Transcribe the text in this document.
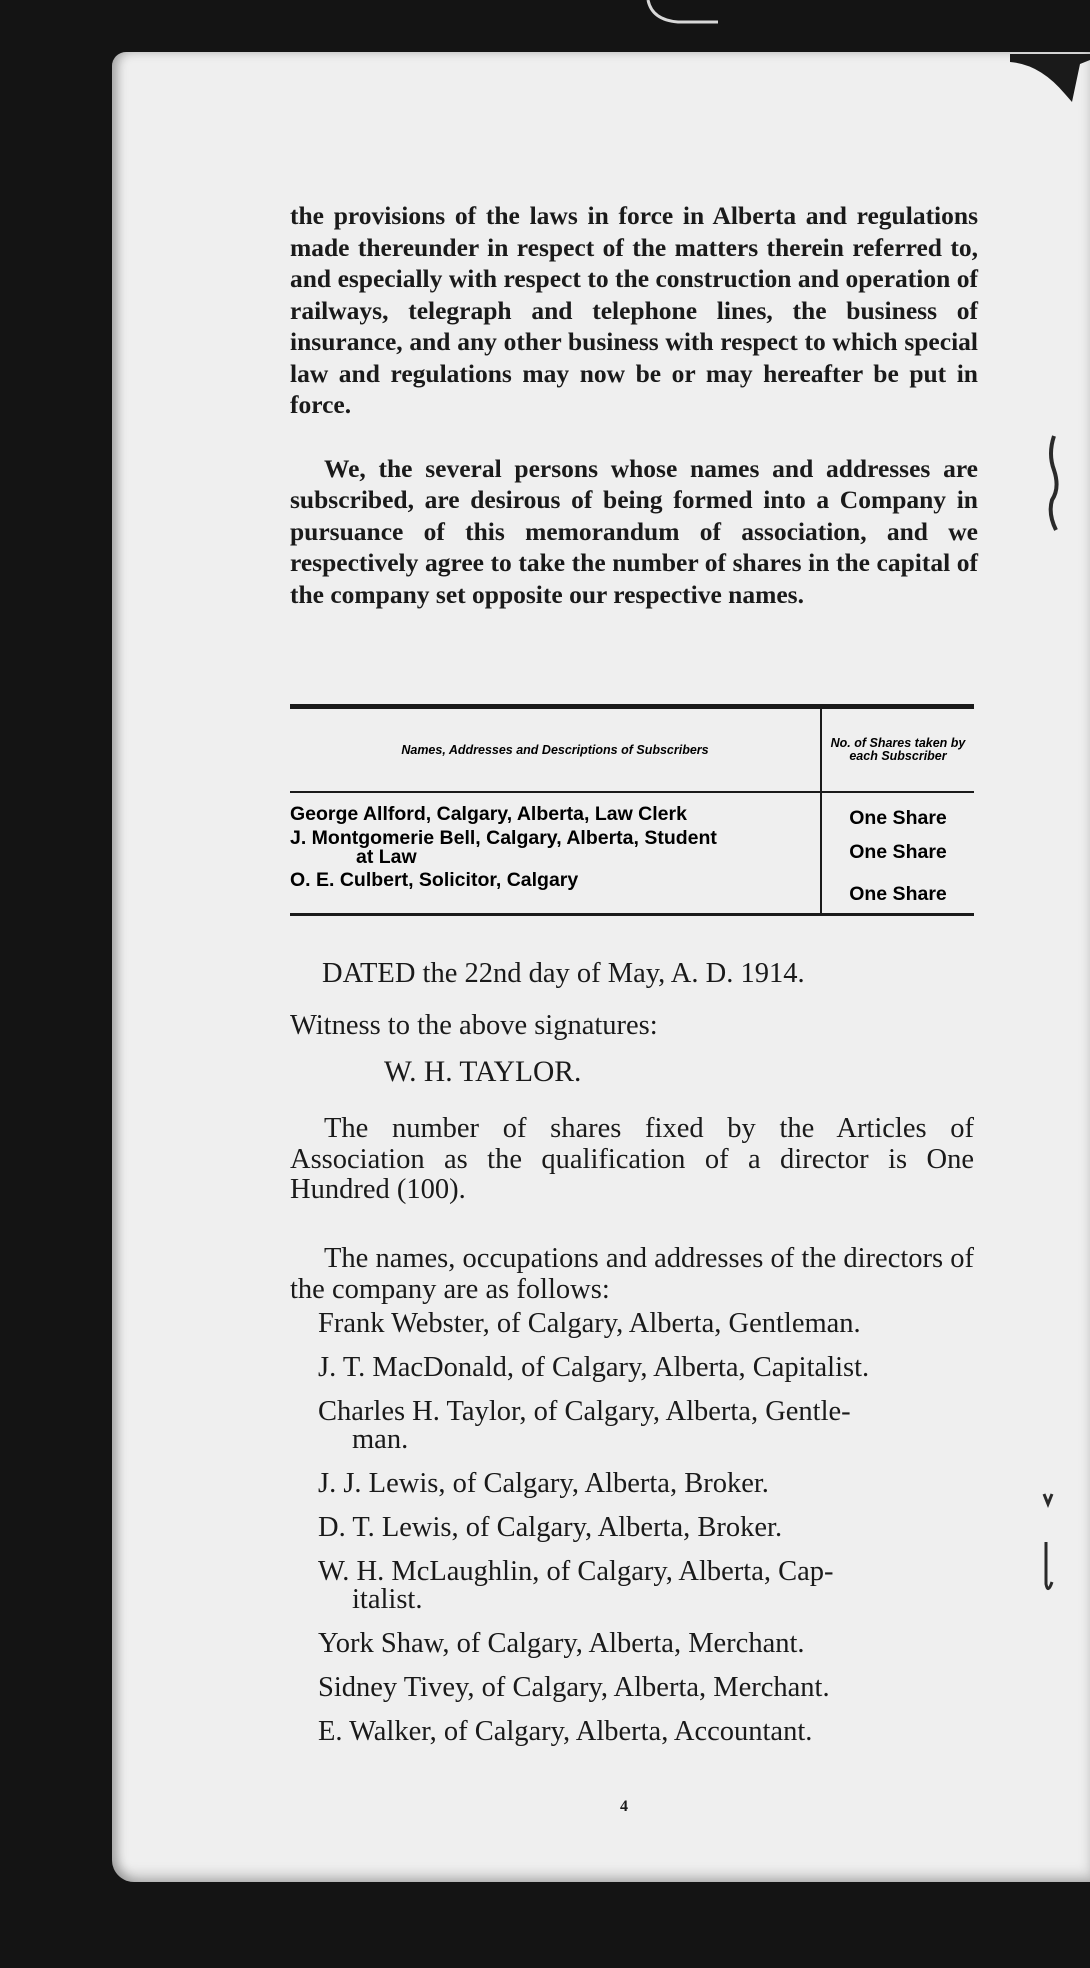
the provisions of the laws in force in Alberta and regulations made thereunder in respect of the matters therein referred to, and especially with respect to the construction and operation of railways, telegraph and telephone lines, the business of insurance, and any other business with respect to which special law and regulations may now be or may hereafter be put in force.

We, the several persons whose names and addresses are subscribed, are desirous of being formed into a Company in pursuance of this memorandum of association, and we respectively agree to take the number of shares in the capital of the company set opposite our respective names.

Names, Addresses and Descriptions of Subscribers
George Allford, Calgary, Alberta, Law Clerk
J. Montgomerie Bell, Calgary, Alberta, Student
at Law
O. E. Culbert, Solicitor, Calgary
No. of Shares taken by each Subscriber
One Share
One Share
One Share
DATED the 22nd day of May, A. D. 1914.
Witness to the above signatures:
W. H. TAYLOR.

The number of shares fixed by the Articles of Association as the qualification of a director is One Hundred (100).

The names, occupations and addresses of the directors of the company are as follows:

Frank Webster, of Calgary, Alberta, Gentleman.
J. T. MacDonald, of Calgary, Alberta, Capitalist.
Charles H. Taylor, of Calgary, Alberta, Gentle-
man.
J. J. Lewis, of Calgary, Alberta, Broker.
D. T. Lewis, of Calgary, Alberta, Broker.
W. H. McLaughlin, of Calgary, Alberta, Cap-
italist.
York Shaw, of Calgary, Alberta, Merchant.
Sidney Tivey, of Calgary, Alberta, Merchant.
E. Walker, of Calgary, Alberta, Accountant.
4
